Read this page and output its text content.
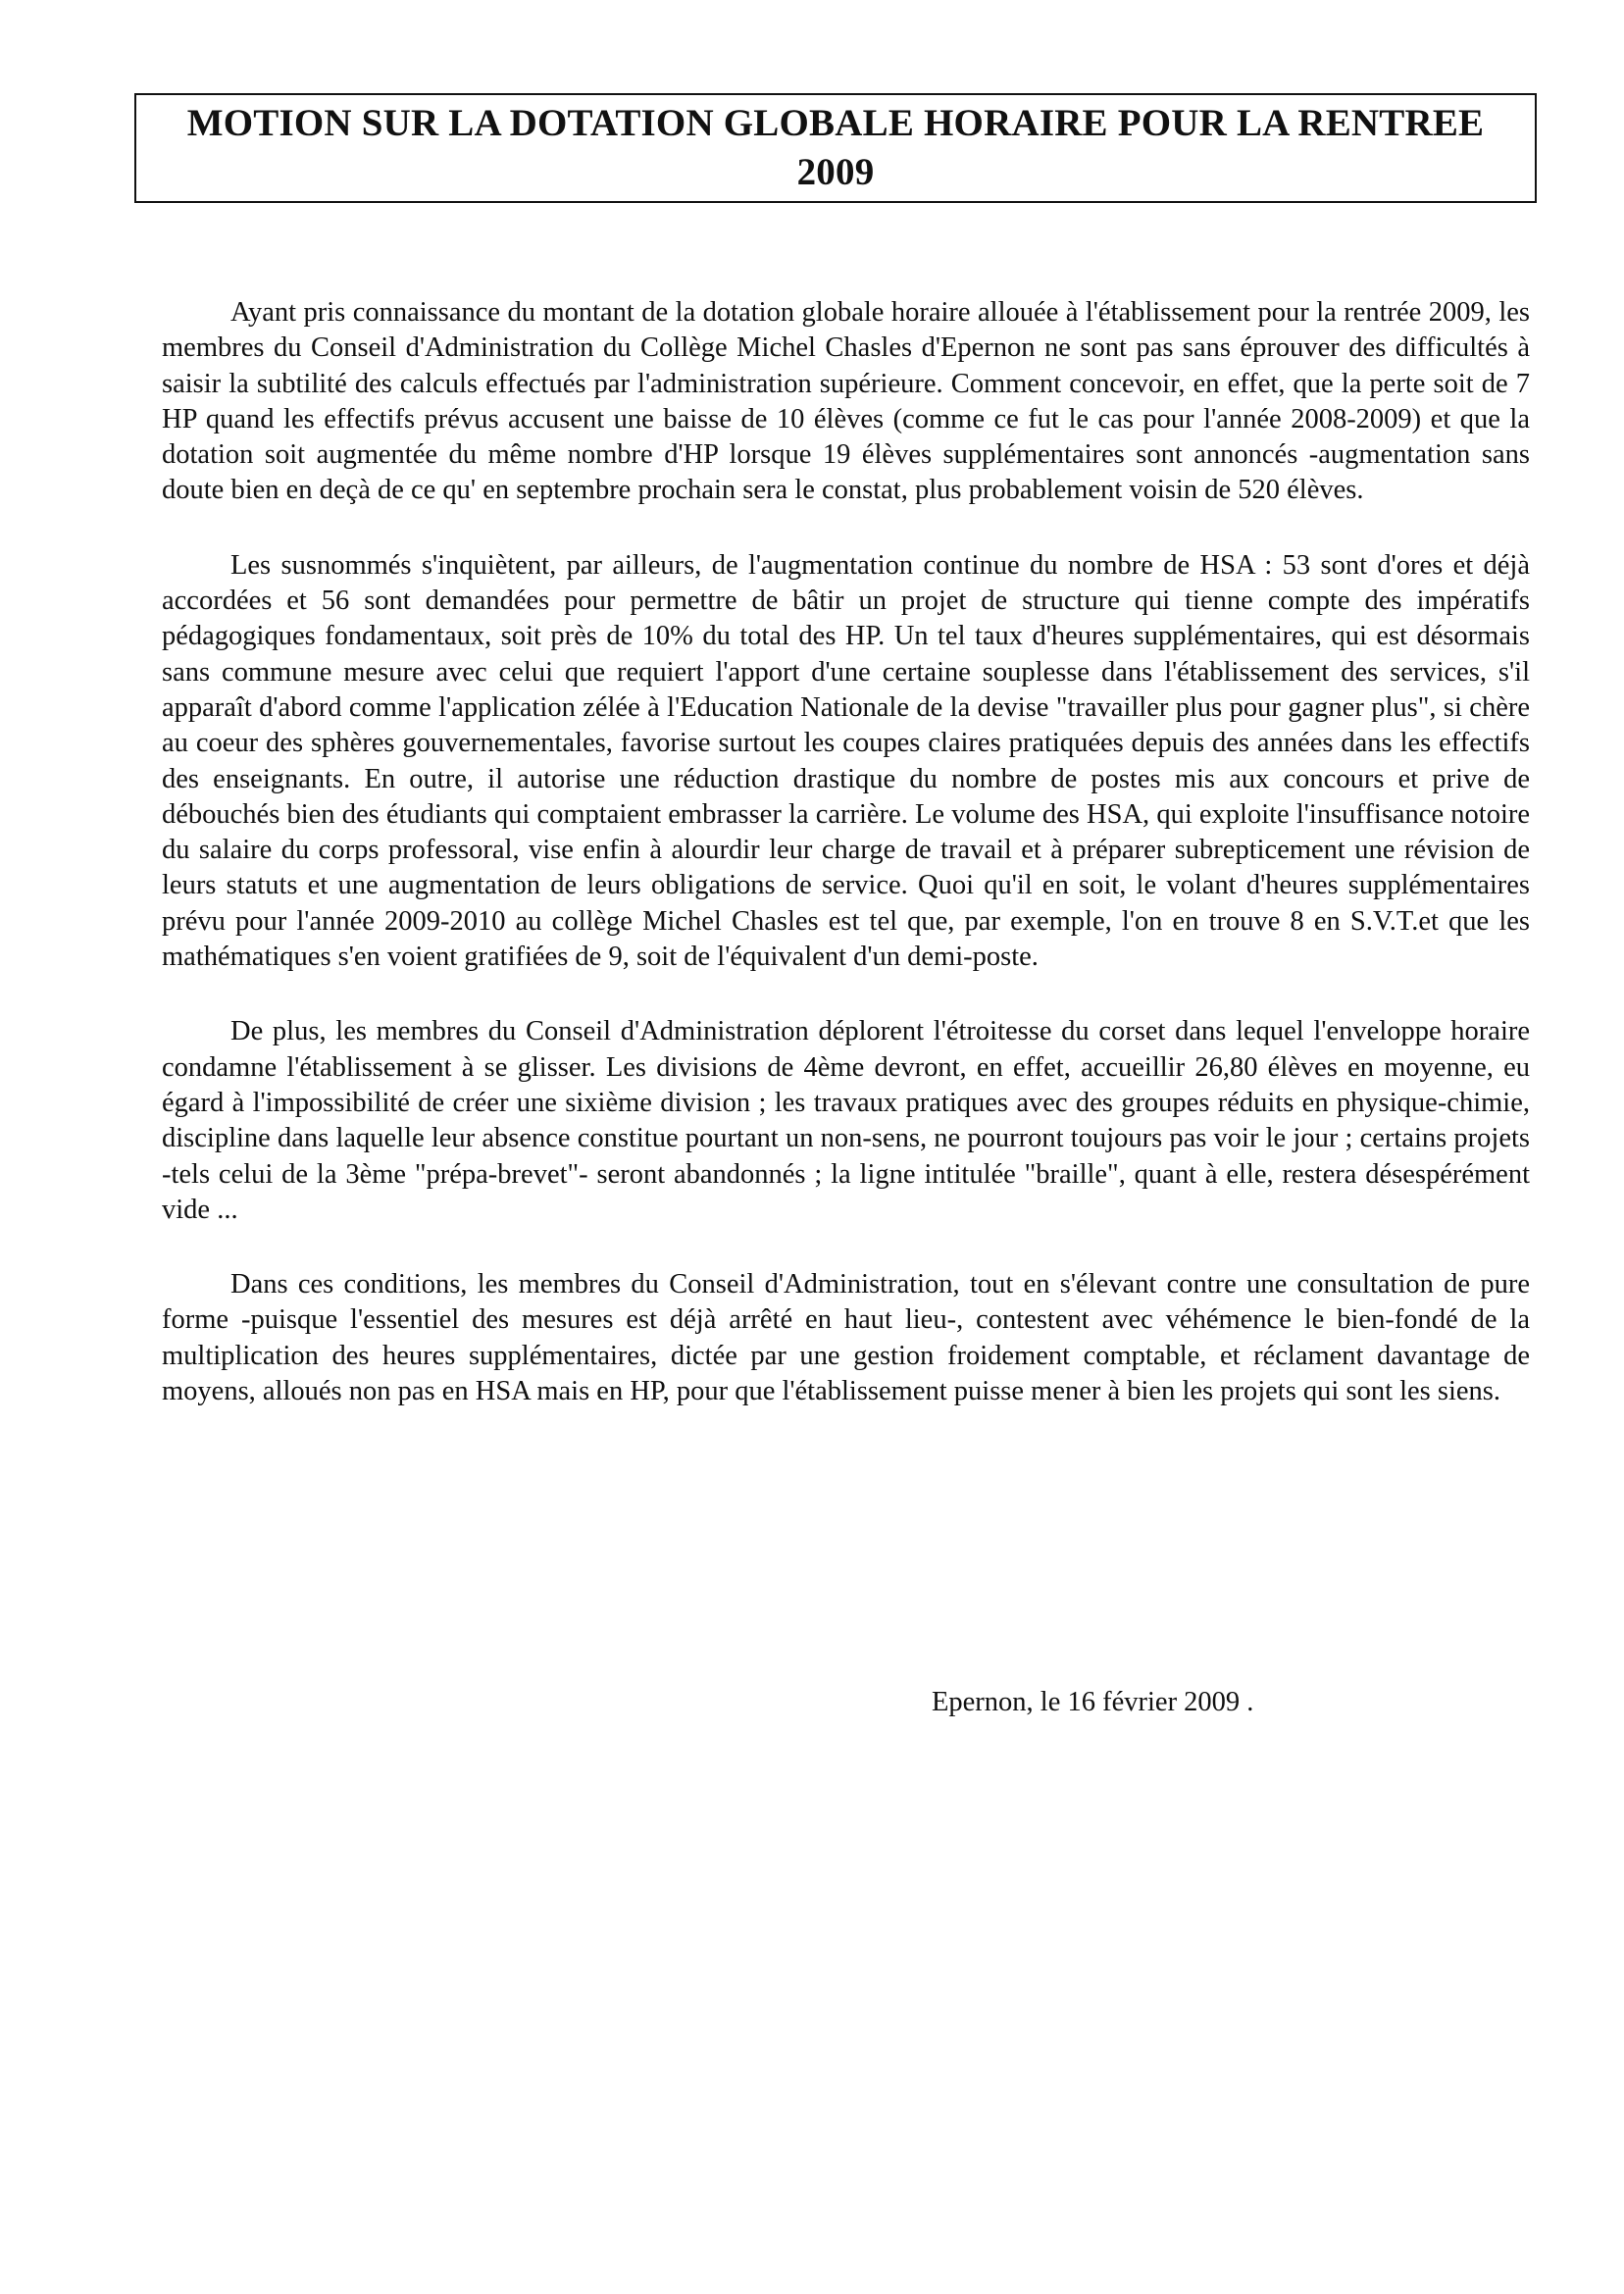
MOTION SUR LA DOTATION GLOBALE HORAIRE POUR LA RENTREE 2009

Ayant pris connaissance du montant de la dotation globale horaire allouée à l'établissement pour la rentrée 2009, les membres du Conseil d'Administration du Collège Michel Chasles d'Epernon ne sont pas sans éprouver des difficultés à saisir la subtilité des calculs effectués par l'administration supérieure. Comment concevoir, en effet, que la perte soit de 7 HP quand les effectifs prévus accusent une baisse de 10 élèves (comme ce fut le cas pour l'année 2008-2009) et que la dotation soit augmentée du même nombre d'HP lorsque 19 élèves supplémentaires sont annoncés -augmentation sans doute bien en deçà de ce qu' en septembre prochain sera le constat, plus probablement voisin de 520 élèves.

Les susnommés s'inquiètent, par ailleurs, de l'augmentation continue du nombre de HSA : 53 sont d'ores et déjà accordées et 56 sont demandées pour permettre de bâtir un projet de structure qui tienne compte des impératifs pédagogiques fondamentaux, soit près de 10% du total des HP. Un tel taux d'heures supplémentaires, qui est désormais sans commune mesure avec celui que requiert l'apport d'une certaine souplesse dans l'établissement des services, s'il apparaît d'abord comme l'application zélée à l'Education Nationale de la devise "travailler plus pour gagner plus", si chère au coeur des sphères gouvernementales, favorise surtout les coupes claires pratiquées depuis des années dans les effectifs des enseignants. En outre, il autorise une réduction drastique du nombre de postes mis aux concours et prive de débouchés bien des étudiants qui comptaient embrasser la carrière. Le volume des HSA, qui exploite l'insuffisance notoire du salaire du corps professoral, vise enfin à alourdir leur charge de travail et à préparer subrepticement une révision de leurs statuts et une augmentation de leurs obligations de service. Quoi qu'il en soit, le volant d'heures supplémentaires prévu pour l'année 2009-2010 au collège Michel Chasles est tel que, par exemple, l'on en trouve 8 en S.V.T.et que les mathématiques s'en voient gratifiées de 9, soit de l'équivalent d'un demi-poste.

De plus, les membres du Conseil d'Administration déplorent l'étroitesse du corset dans lequel l'enveloppe horaire condamne l'établissement à se glisser. Les divisions de 4ème devront, en effet, accueillir 26,80 élèves en moyenne, eu égard à l'impossibilité de créer une sixième division ; les travaux pratiques avec des groupes réduits en physique-chimie, discipline dans laquelle leur absence constitue pourtant un non-sens, ne pourront toujours pas voir le jour ; certains projets -tels celui de la 3ème "prépa-brevet"- seront abandonnés ; la ligne intitulée "braille", quant à elle, restera désespérément vide ...

Dans ces conditions, les membres du Conseil d'Administration, tout en s'élevant contre une consultation de pure forme -puisque l'essentiel des mesures est déjà arrêté en haut lieu-, contestent avec véhémence le bien-fondé de la multiplication des heures supplémentaires, dictée par une gestion froidement comptable, et réclament davantage de moyens, alloués non pas en HSA mais en HP, pour que l'établissement puisse mener à bien les projets qui sont les siens.

Epernon, le 16 février 2009 .
